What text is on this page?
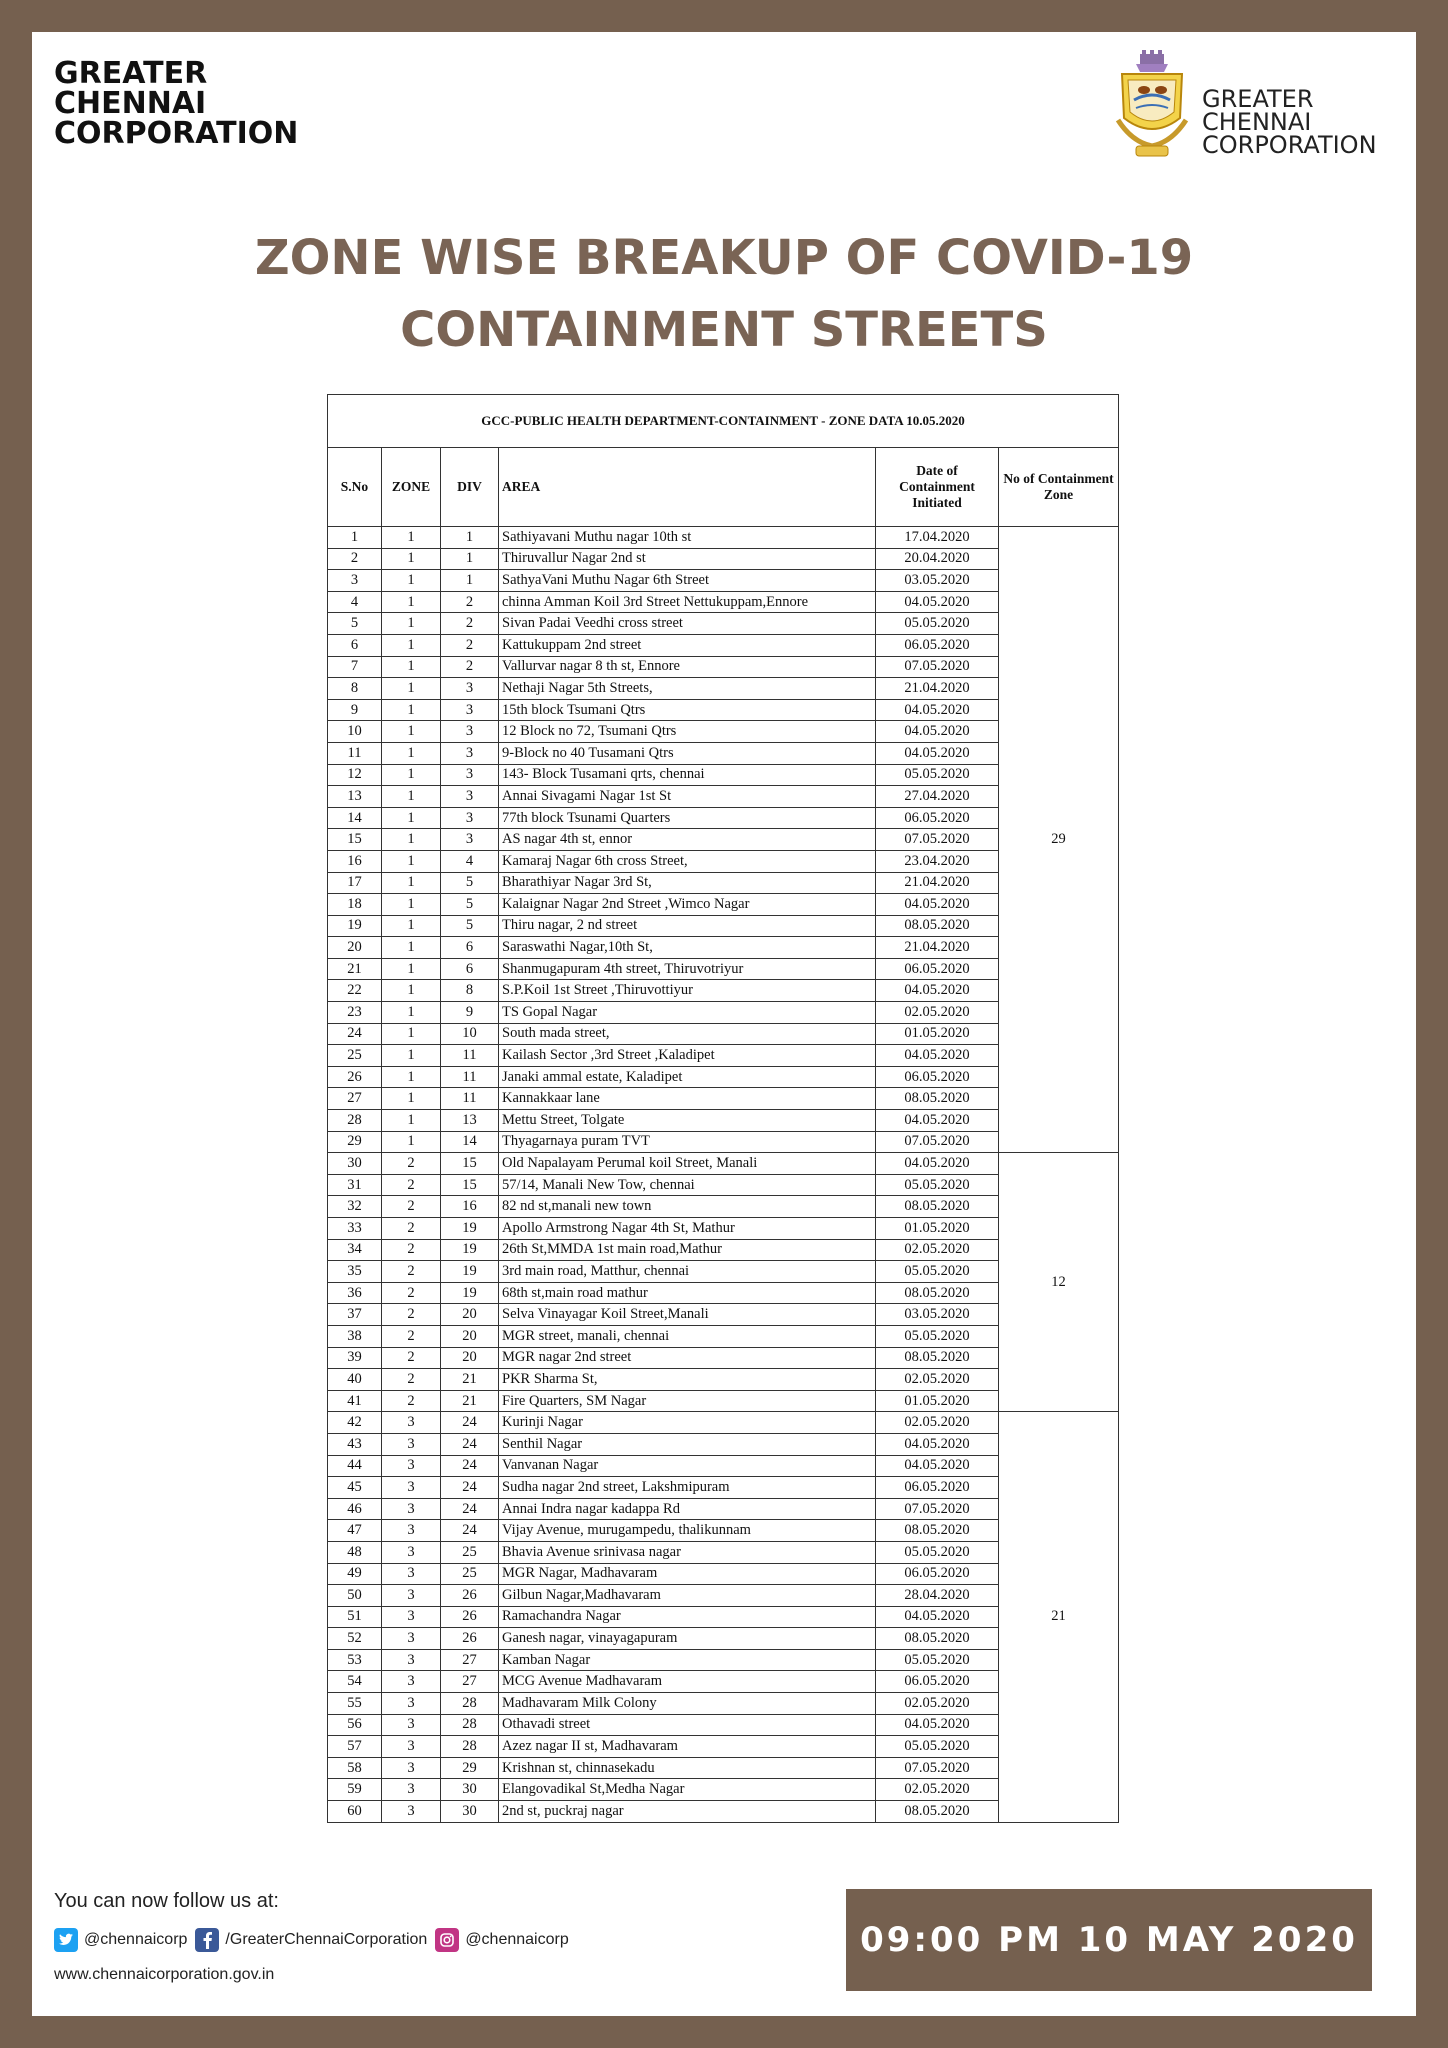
GREATER
CHENNAI
CORPORATION
GREATER
CHENNAI
CORPORATION
ZONE WISE BREAKUP OF COVID-19
CONTAINMENT STREETS
GCC-PUBLIC HEALTH DEPARTMENT-CONTAINMENT - ZONE DATA 10.05.2020					
S.No	ZONE	DIV	AREA	Date of Containment Initiated	No of Containment Zone
1	1	1	Sathiyavani Muthu nagar 10th st	17.04.2020	29
2	1	1	Thiruvallur Nagar 2nd st	20.04.2020	
3	1	1	SathyaVani Muthu Nagar 6th Street	03.05.2020	
4	1	2	chinna Amman Koil 3rd Street Nettukuppam,Ennore	04.05.2020	
5	1	2	Sivan Padai Veedhi cross street	05.05.2020	
6	1	2	Kattukuppam 2nd street	06.05.2020	
7	1	2	Vallurvar nagar 8 th st, Ennore	07.05.2020	
8	1	3	Nethaji Nagar 5th Streets,	21.04.2020	
9	1	3	15th block Tsumani Qtrs	04.05.2020	
10	1	3	12 Block no 72, Tsumani Qtrs	04.05.2020	
11	1	3	9-Block no 40 Tusamani Qtrs	04.05.2020	
12	1	3	143- Block Tusamani qrts, chennai	05.05.2020	
13	1	3	Annai Sivagami Nagar 1st St	27.04.2020	
14	1	3	77th block Tsunami Quarters	06.05.2020	
15	1	3	AS nagar 4th st, ennor	07.05.2020	
16	1	4	Kamaraj Nagar 6th cross Street,	23.04.2020	
17	1	5	Bharathiyar Nagar 3rd St,	21.04.2020	
18	1	5	Kalaignar Nagar 2nd Street ,Wimco Nagar	04.05.2020	
19	1	5	Thiru nagar, 2 nd street	08.05.2020	
20	1	6	Saraswathi Nagar,10th St,	21.04.2020	
21	1	6	Shanmugapuram 4th street, Thiruvotriyur	06.05.2020	
22	1	8	S.P.Koil 1st Street ,Thiruvottiyur	04.05.2020	
23	1	9	TS Gopal Nagar	02.05.2020	
24	1	10	South mada street,	01.05.2020	
25	1	11	Kailash Sector ,3rd Street ,Kaladipet	04.05.2020	
26	1	11	Janaki ammal estate, Kaladipet	06.05.2020	
27	1	11	Kannakkaar lane	08.05.2020	
28	1	13	Mettu Street, Tolgate	04.05.2020	
29	1	14	Thyagarnaya puram TVT	07.05.2020	
30	2	15	Old Napalayam Perumal koil Street, Manali	04.05.2020	12
31	2	15	57/14, Manali New Tow, chennai	05.05.2020	
32	2	16	82 nd st,manali new town	08.05.2020	
33	2	19	Apollo Armstrong Nagar 4th St, Mathur	01.05.2020	
34	2	19	26th St,MMDA 1st main road,Mathur	02.05.2020	
35	2	19	3rd main road, Matthur, chennai	05.05.2020	
36	2	19	68th st,main road mathur	08.05.2020	
37	2	20	Selva Vinayagar Koil Street,Manali	03.05.2020	
38	2	20	MGR street, manali, chennai	05.05.2020	
39	2	20	MGR nagar 2nd street	08.05.2020	
40	2	21	PKR Sharma St,	02.05.2020	
41	2	21	Fire Quarters, SM Nagar	01.05.2020	
42	3	24	Kurinji Nagar	02.05.2020	21
43	3	24	Senthil Nagar	04.05.2020	
44	3	24	Vanvanan Nagar	04.05.2020	
45	3	24	Sudha nagar 2nd street, Lakshmipuram	06.05.2020	
46	3	24	Annai Indra nagar kadappa Rd	07.05.2020	
47	3	24	Vijay Avenue, murugampedu, thalikunnam	08.05.2020	
48	3	25	Bhavia Avenue srinivasa nagar	05.05.2020	
49	3	25	MGR Nagar, Madhavaram	06.05.2020	
50	3	26	Gilbun Nagar,Madhavaram	28.04.2020	
51	3	26	Ramachandra Nagar	04.05.2020	
52	3	26	Ganesh nagar, vinayagapuram	08.05.2020	
53	3	27	Kamban Nagar	05.05.2020	
54	3	27	MCG Avenue Madhavaram	06.05.2020	
55	3	28	Madhavaram Milk Colony	02.05.2020	
56	3	28	Othavadi street	04.05.2020	
57	3	28	Azez nagar II st, Madhavaram	05.05.2020	
58	3	29	Krishnan st, chinnasekadu	07.05.2020	
59	3	30	Elangovadikal St,Medha Nagar	02.05.2020	
60	3	30	2nd st, puckraj nagar	08.05.2020	
You can now follow us at:
@chennaicorp /GreaterChennaiCorporation @chennaicorp
www.chennaicorporation.gov.in
09:00 PM 10 MAY 2020
